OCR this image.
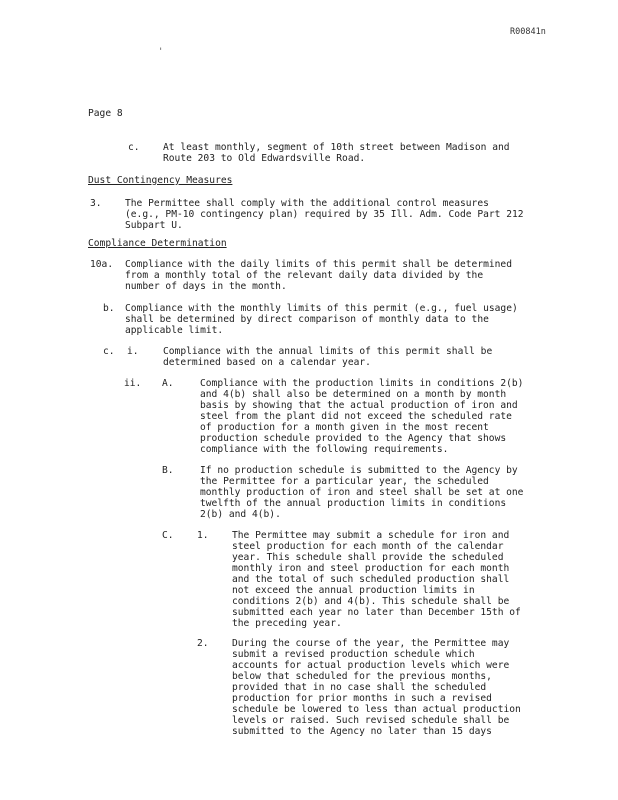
R00841n
'
Page 8
c. At least monthly, segment of 10th street between Madison and
Route 203 to Old Edwardsville Road.
Dust Contingency Measures
3. The Permittee shall comply with the additional control measures
(e.g., PM-10 contingency plan) required by 35 Ill. Adm. Code Part 212
Subpart U.
Compliance Determination
10a. Compliance with the daily limits of this permit shall be determined
from a monthly total of the relevant daily data divided by the
number of days in the month.
b. Compliance with the monthly limits of this permit (e.g., fuel usage)
shall be determined by direct comparison of monthly data to the
applicable limit.
c. i.	Compliance with the annual limits of this permit shall be
determined based on a calendar year.
ii. A.	Compliance with the production limits in conditions 2(b)
and 4(b) shall also be determined on a month by month
basis by showing that the actual production of iron and
steel from the plant did not exceed the scheduled rate
of production for a month given in the most recent
production schedule provided to the Agency that shows
compliance with the following requirements.
B.	If no production schedule is submitted to the Agency by
the Permittee for a particular year, the scheduled
monthly production of iron and steel shall be set at one
twelfth of the annual production limits in conditions
2(b) and 4(b).
C. 1. The Permittee may submit a schedule for iron and
steel production for each month of the calendar
year. This schedule shall provide the scheduled
monthly iron and steel production for each month
and the total of such scheduled production shall
not exceed the annual production limits in
conditions 2(b) and 4(b). This schedule shall be
submitted each year no later than December 15th of
the preceding year.
2. During the course of the year, the Permittee may
submit a revised production schedule which
accounts for actual production levels which were
below that scheduled for the previous months,
provided that in no case shall the scheduled
production for prior months in such a revised
schedule be lowered to less than actual production
levels or raised. Such revised schedule shall be
submitted to the Agency no later than 15 days
